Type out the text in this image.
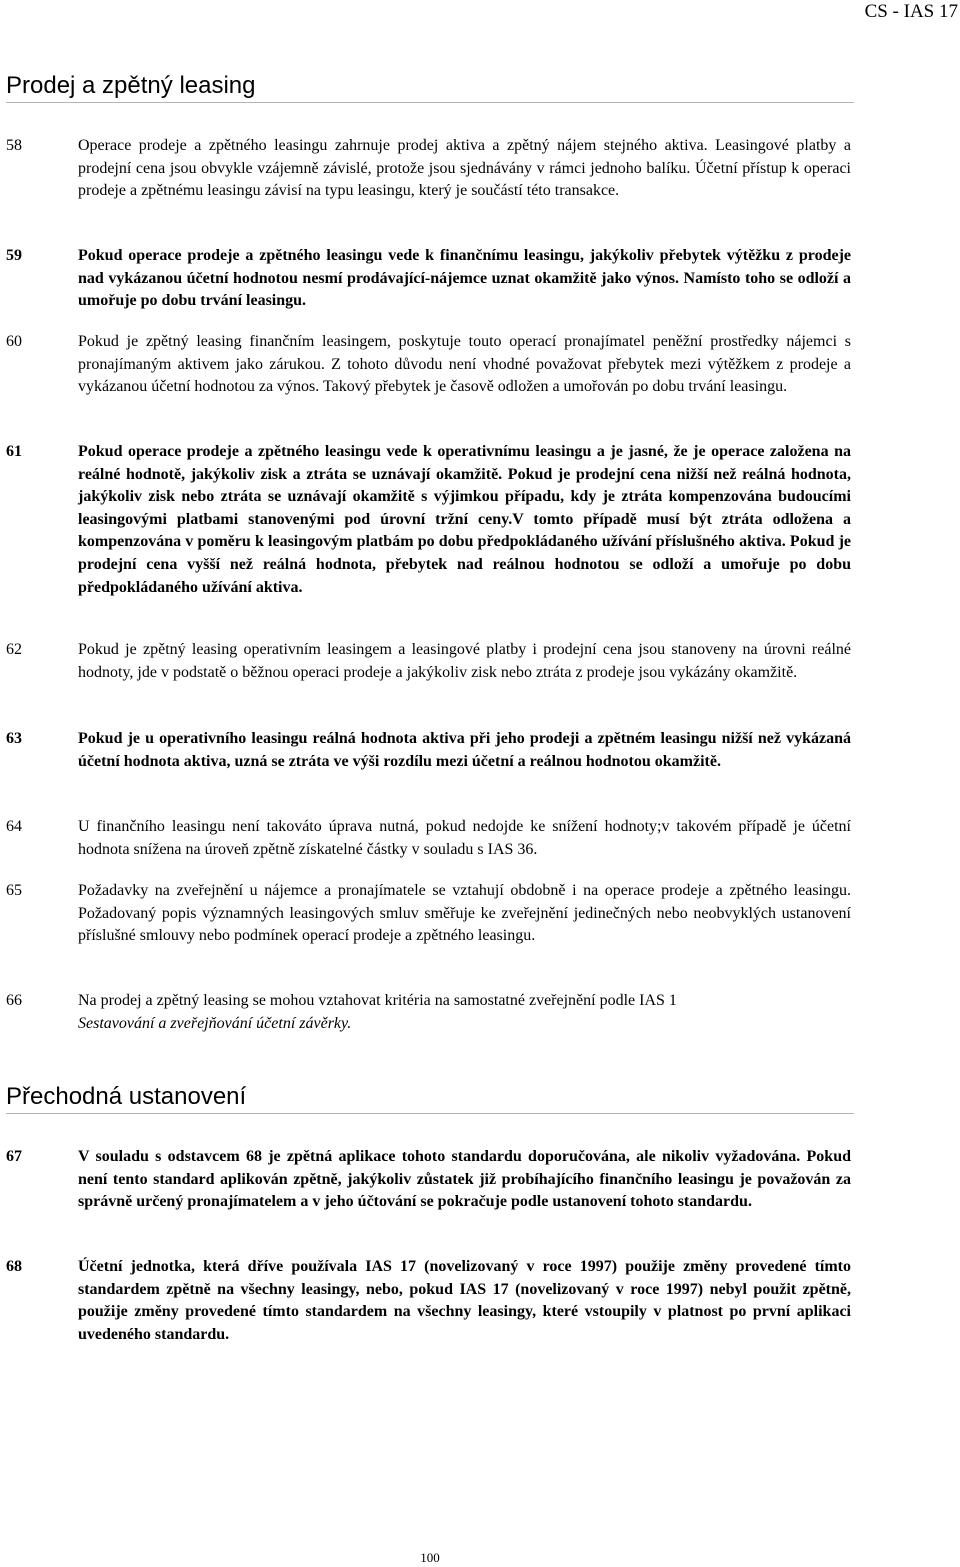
CS - IAS 17
Prodej a zpětný leasing
58	Operace prodeje a zpětného leasingu zahrnuje prodej aktiva a zpětný nájem stejného aktiva. Leasingové platby a prodejní cena jsou obvykle vzájemně závislé, protože jsou sjednávány v rámci jednoho balíku. Účetní přístup k operaci prodeje a zpětnému leasingu závisí na typu leasingu, který je součástí této transakce.
59	Pokud operace prodeje a zpětného leasingu vede k finančnímu leasingu, jakýkoliv přebytek výtěžku z prodeje nad vykázanou účetní hodnotou nesmí prodávající-nájemce uznat okamžitě jako výnos. Namísto toho se odloží a umořuje po dobu trvání leasingu.
60	Pokud je zpětný leasing finančním leasingem, poskytuje touto operací pronajímatel peněžní prostředky nájemci s pronajímaným aktivem jako zárukou. Z tohoto důvodu není vhodné považovat přebytek mezi výtěžkem z prodeje a vykázanou účetní hodnotou za výnos. Takový přebytek je časově odložen a umořován po dobu trvání leasingu.
61	Pokud operace prodeje a zpětného leasingu vede k operativnímu leasingu a je jasné, že je operace založena na reálné hodnotě, jakýkoliv zisk a ztráta se uznávají okamžitě. Pokud je prodejní cena nižší než reálná hodnota, jakýkoliv zisk nebo ztráta se uznávají okamžitě s výjimkou případu, kdy je ztráta kompenzována budoucími leasingovými platbami stanovenými pod úrovní tržní ceny.V tomto případě musí být ztráta odložena a kompenzována v poměru k leasingovým platbám po dobu předpokládaného užívání příslušného aktiva. Pokud je prodejní cena vyšší než reálná hodnota, přebytek nad reálnou hodnotou se odloží a umořuje po dobu předpokládaného užívání aktiva.
62	Pokud je zpětný leasing operativním leasingem a leasingové platby i prodejní cena jsou stanoveny na úrovni reálné hodnoty, jde v podstatě o běžnou operaci prodeje a jakýkoliv zisk nebo ztráta z prodeje jsou vykázány okamžitě.
63	Pokud je u operativního leasingu reálná hodnota aktiva při jeho prodeji a zpětném leasingu nižší než vykázaná účetní hodnota aktiva, uzná se ztráta ve výši rozdílu mezi účetní a reálnou hodnotou okamžitě.
64	U finančního leasingu není takováto úprava nutná, pokud nedojde ke snížení hodnoty;v takovém případě je účetní hodnota snížena na úroveň zpětně získatelné částky v souladu s IAS 36.
65	Požadavky na zveřejnění u nájemce a pronajímatele se vztahují obdobně i na operace prodeje a zpětného leasingu. Požadovaný popis významných leasingových smluv směřuje ke zveřejnění jedinečných nebo neobvyklých ustanovení příslušné smlouvy nebo podmínek operací prodeje a zpětného leasingu.
66	Na prodej a zpětný leasing se mohou vztahovat kritéria na samostatné zveřejnění podle IAS 1
Sestavování a zveřejňování účetní závěrky.
Přechodná ustanovení
67	V souladu s odstavcem 68 je zpětná aplikace tohoto standardu doporučována, ale nikoliv vyžadována. Pokud není tento standard aplikován zpětně, jakýkoliv zůstatek již probíhajícího finančního leasingu je považován za správně určený pronajímatelem a v jeho účtování se pokračuje podle ustanovení tohoto standardu.
68	Účetní jednotka, která dříve používala IAS 17 (novelizovaný v roce 1997) použije změny provedené tímto standardem zpětně na všechny leasingy, nebo, pokud IAS 17 (novelizovaný v roce 1997) nebyl použit zpětně, použije změny provedené tímto standardem na všechny leasingy, které vstoupily v platnost po první aplikaci uvedeného standardu.
100
